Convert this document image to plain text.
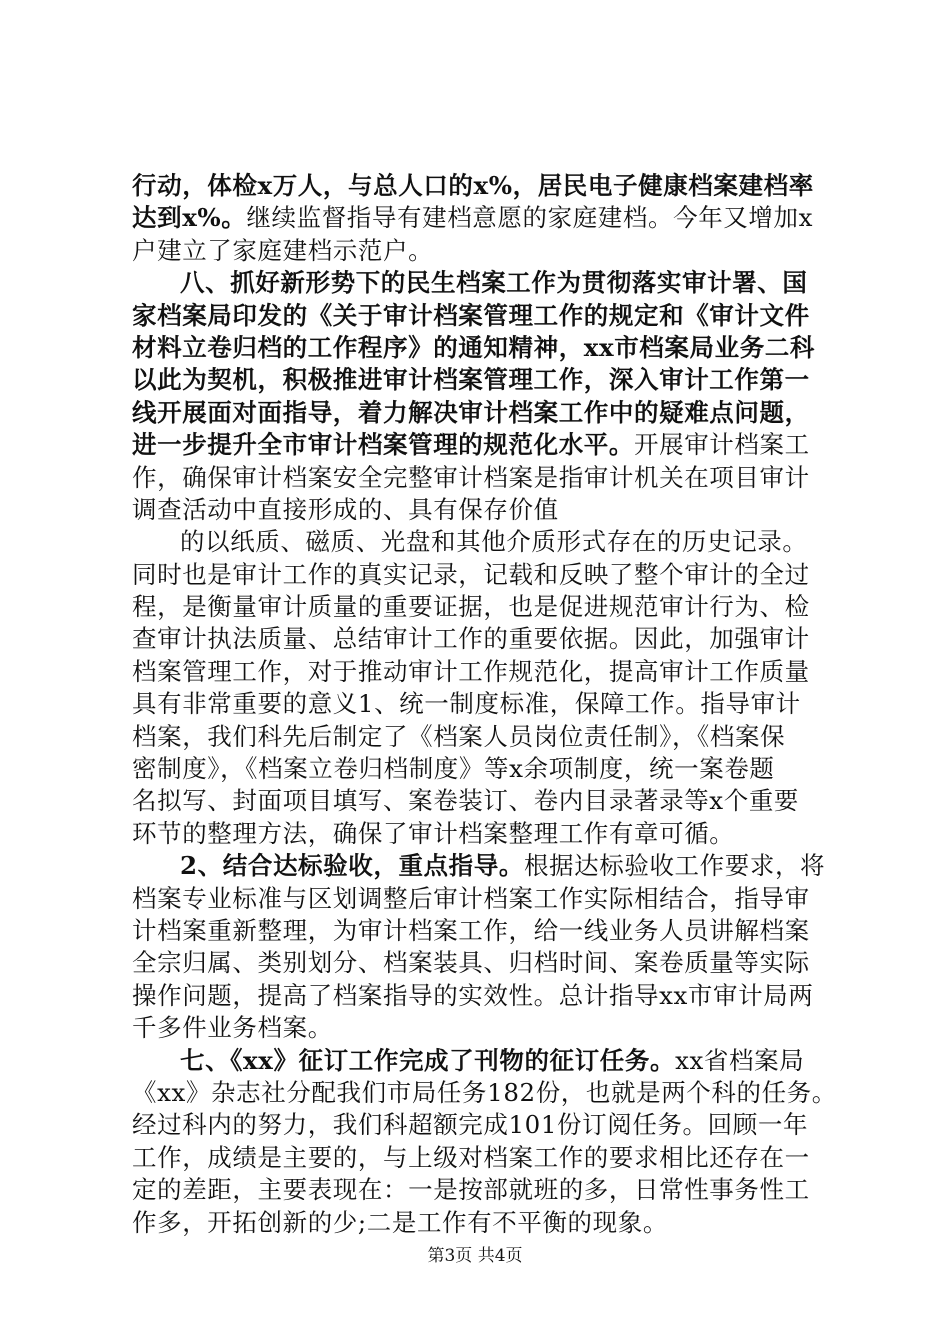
行动，体检x万人，与总人口的x%，居民电子健康档案建档率
达到x%。继续监督指导有建档意愿的家庭建档。今年又增加x
户建立了家庭建档示范户。
八、抓好新形势下的民生档案工作为贯彻落实审计署、国
家档案局印发的《关于审计档案管理工作的规定和《审计文件
材料立卷归档的工作程序》的通知精神，xx市档案局业务二科
以此为契机，积极推进审计档案管理工作，深入审计工作第一
线开展面对面指导，着力解决审计档案工作中的疑难点问题，
进一步提升全市审计档案管理的规范化水平。开展审计档案工
作，确保审计档案安全完整审计档案是指审计机关在项目审计
调查活动中直接形成的、具有保存价值
的以纸质、磁质、光盘和其他介质形式存在的历史记录。
同时也是审计工作的真实记录，记载和反映了整个审计的全过
程，是衡量审计质量的重要证据，也是促进规范审计行为、检
查审计执法质量、总结审计工作的重要依据。因此，加强审计
档案管理工作，对于推动审计工作规范化，提高审计工作质量
具有非常重要的意义1、统一制度标准，保障工作。指导审计
档案，我们科先后制定了《档案人员岗位责任制》，《档案保
密制度》，《档案立卷归档制度》等x余项制度，统一案卷题
名拟写、封面项目填写、案卷装订、卷内目录著录等x个重要
环节的整理方法，确保了审计档案整理工作有章可循。
2、结合达标验收，重点指导。根据达标验收工作要求，将
档案专业标准与区划调整后审计档案工作实际相结合，指导审
计档案重新整理，为审计档案工作，给一线业务人员讲解档案
全宗归属、类别划分、档案装具、归档时间、案卷质量等实际
操作问题，提高了档案指导的实效性。总计指导xx市审计局两
千多件业务档案。
七、《xx》征订工作完成了刊物的征订任务。xx省档案局
《xx》杂志社分配我们市局任务182份，也就是两个科的任务。
经过科内的努力，我们科超额完成101份订阅任务。回顾一年
工作，成绩是主要的，与上级对档案工作的要求相比还存在一
定的差距，主要表现在：一是按部就班的多，日常性事务性工
作多，开拓创新的少;二是工作有不平衡的现象。
第3页 共4页
